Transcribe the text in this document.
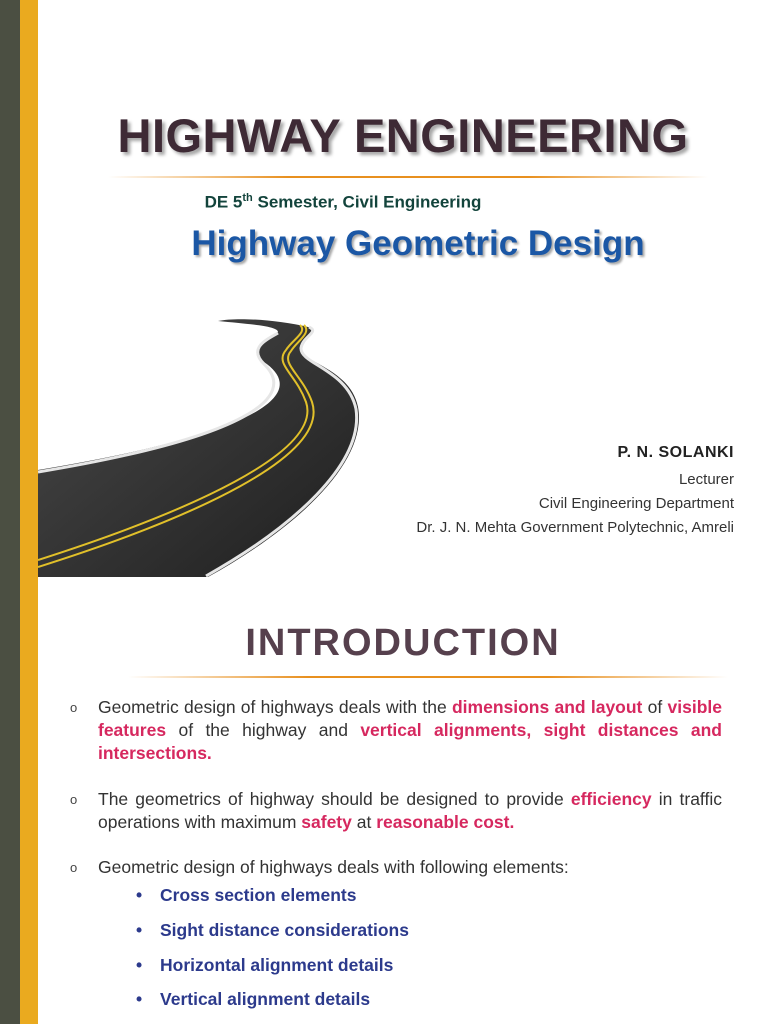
HIGHWAY ENGINEERING
DE 5th Semester, Civil Engineering
Highway Geometric Design
P. N. SOLANKI
Lecturer
Civil Engineering Department
Dr. J. N. Mehta Government Polytechnic, Amreli
INTRODUCTION
o Geometric design of highways deals with the dimensions and layout of visible features of the highway and vertical alignments, sight distances and intersections.
o The geometrics of highway should be designed to provide efficiency in traffic operations with maximum safety at reasonable cost.
o Geometric design of highways deals with following elements:
• Cross section elements
• Sight distance considerations
• Horizontal alignment details
• Vertical alignment details
